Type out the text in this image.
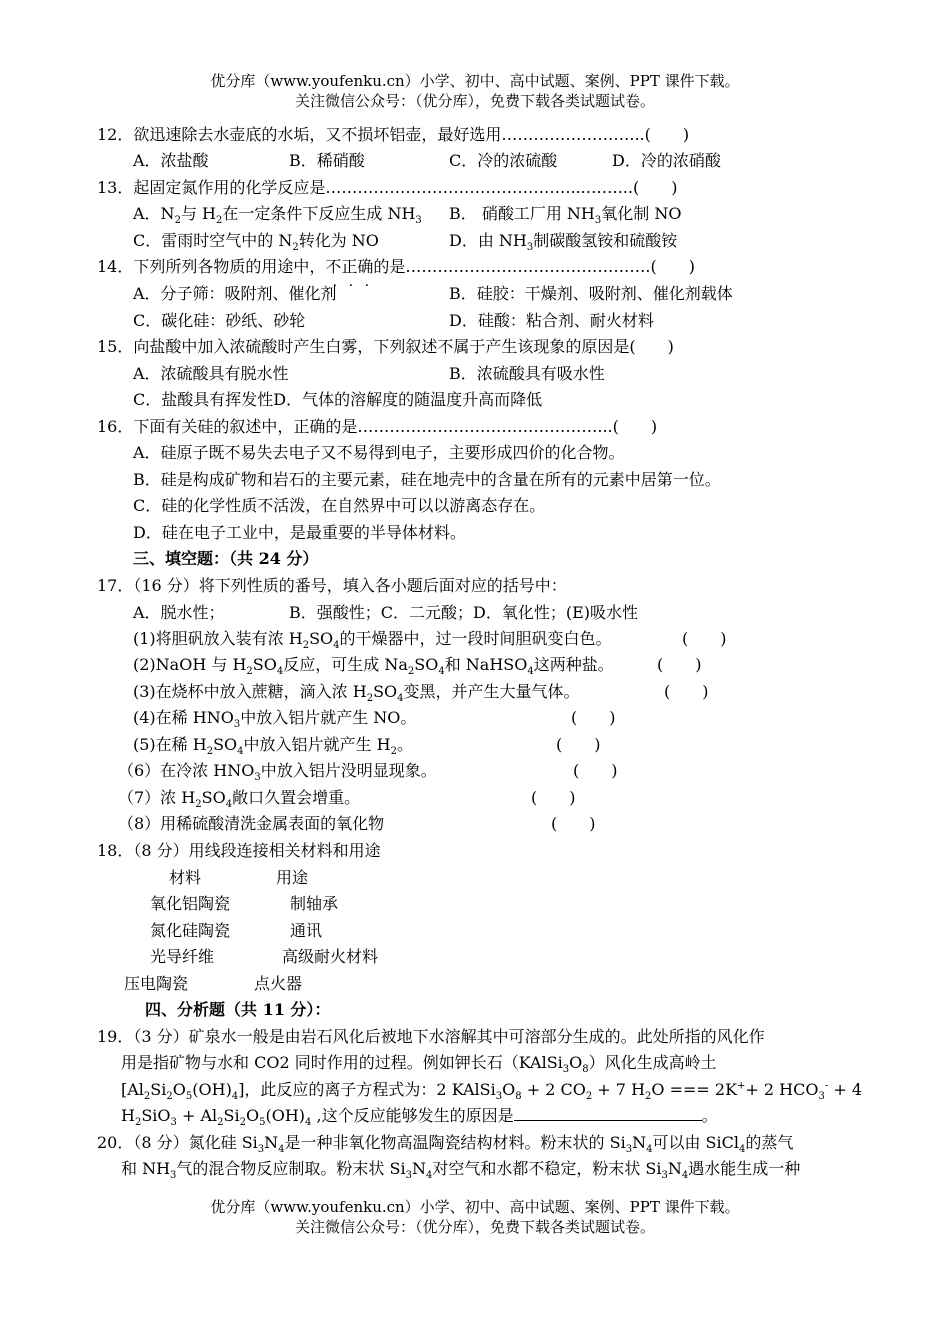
优分库（www.youfenku.cn）小学、初中、高中试题、案例、PPT 课件下载。
关注微信公众号：（优分库），免费下载各类试题试卷。
12．欲迅速除去水壶底的水垢，又不损坏铝壶，最好选用……………………...(　　)
A．浓盐酸	B．稀硝酸	C．冷的浓硫酸	D．冷的浓硝酸
13．起固定氮作用的化学反应是………………………………………....……...(　　)
A．$N_2$与 $H_2$在一定条件下反应生成 $NH_3$ B． 硝酸工厂用 $NH_3$氧化制 NO
C．雷雨时空气中的 $N_2$转化为 NO	D．由 $NH_3$制碳酸氢铵和硫酸铵
14．下列所列各物质的用途中，不正确的是……………………………………….(　　)
A．分子筛：吸附剂、催化剂	B．硅胶：干燥剂、吸附剂、催化剂载体
C．碳化硅：砂纸、砂轮	D．硅酸：粘合剂、耐火材料
15．向盐酸中加入浓硫酸时产生白雾，下列叙述不属于产生该现象的原因是(　　)
A．浓硫酸具有脱水性	B．浓硫酸具有吸水性
C．盐酸具有挥发性D．气体的溶解度的随温度升高而降低
16．下面有关硅的叙述中，正确的是………………………………………...(　　)
A．硅原子既不易失去电子又不易得到电子，主要形成四价的化合物。
B．硅是构成矿物和岩石的主要元素，硅在地壳中的含量在所有的元素中居第一位。
C．硅的化学性质不活泼，在自然界中可以以游离态存在。
D．硅在电子工业中，是最重要的半导体材料。
三、填空题：（共 24 分）
17．（16 分）将下列性质的番号，填入各小题后面对应的括号中：
A．脱水性；	B．强酸性；C．二元酸；D．氧化性；(E)吸水性
(1)将胆矾放入装有浓 $H_2SO_4$的干燥器中，过一段时间胆矾变白色。	(　　)
(2)NaOH 与 $H_2SO_4$反应，可生成 $Na_2SO_4$和 NaHSO$_4$这两种盐。	(　　)
(3)在烧杯中放入蔗糖，滴入浓 $H_2SO_4$变黑，并产生大量气体。	(　　)
(4)在稀 $HNO_3$中放入铝片就产生 NO。	(　　)
(5)在稀 $H_2SO_4$中放入铝片就产生 $H_2$。	(　　)
（6）在冷浓 $HNO_3$中放入铝片没明显现象。	(　　)
（7）浓 $H_2SO_4$敞口久置会增重。	(　　)
（8）用稀硫酸清洗金属表面的氧化物	(　　)
18．（8 分）用线段连接相关材料和用途
材料	用途
氧化铝陶瓷	制轴承
氮化硅陶瓷	通讯
光导纤维	高级耐火材料
压电陶瓷	点火器
四、分析题（共 11 分）：
19．（3 分）矿泉水一般是由岩石风化后被地下水溶解其中可溶部分生成的。此处所指的风化作
用是指矿物与水和 CO2 同时作用的过程。例如钾长石$(KAlSi_3O_8)$风化生成高岭土
$[Al_2Si_2O_5(OH)_4]$，此反应的离子方程式为：2 $KAlSi_3O_8 + 2$ $CO_2 + 7$ $H_2O$ === 2K++ 2 $HCO_3^- + 4$
$H_2SiO_3 + Al_2Si_2O_5(OH)_4$ ,这个反应能够发生的原因是	。
20．（8 分）氮化硅 $Si_3N_4$是一种非氧化物高温陶瓷结构材料。粉末状的 $Si_3N_4$可以由 SiCl$_4$的蒸气
和 $NH_3$气的混合物反应制取。粉末状 $Si_3N_4$对空气和水都不稳定，粉末状 $Si_3N_4$遇水能生成一种
优分库（www.youfenku.cn）小学、初中、高中试题、案例、PPT 课件下载。
关注微信公众号：（优分库），免费下载各类试题试卷。
